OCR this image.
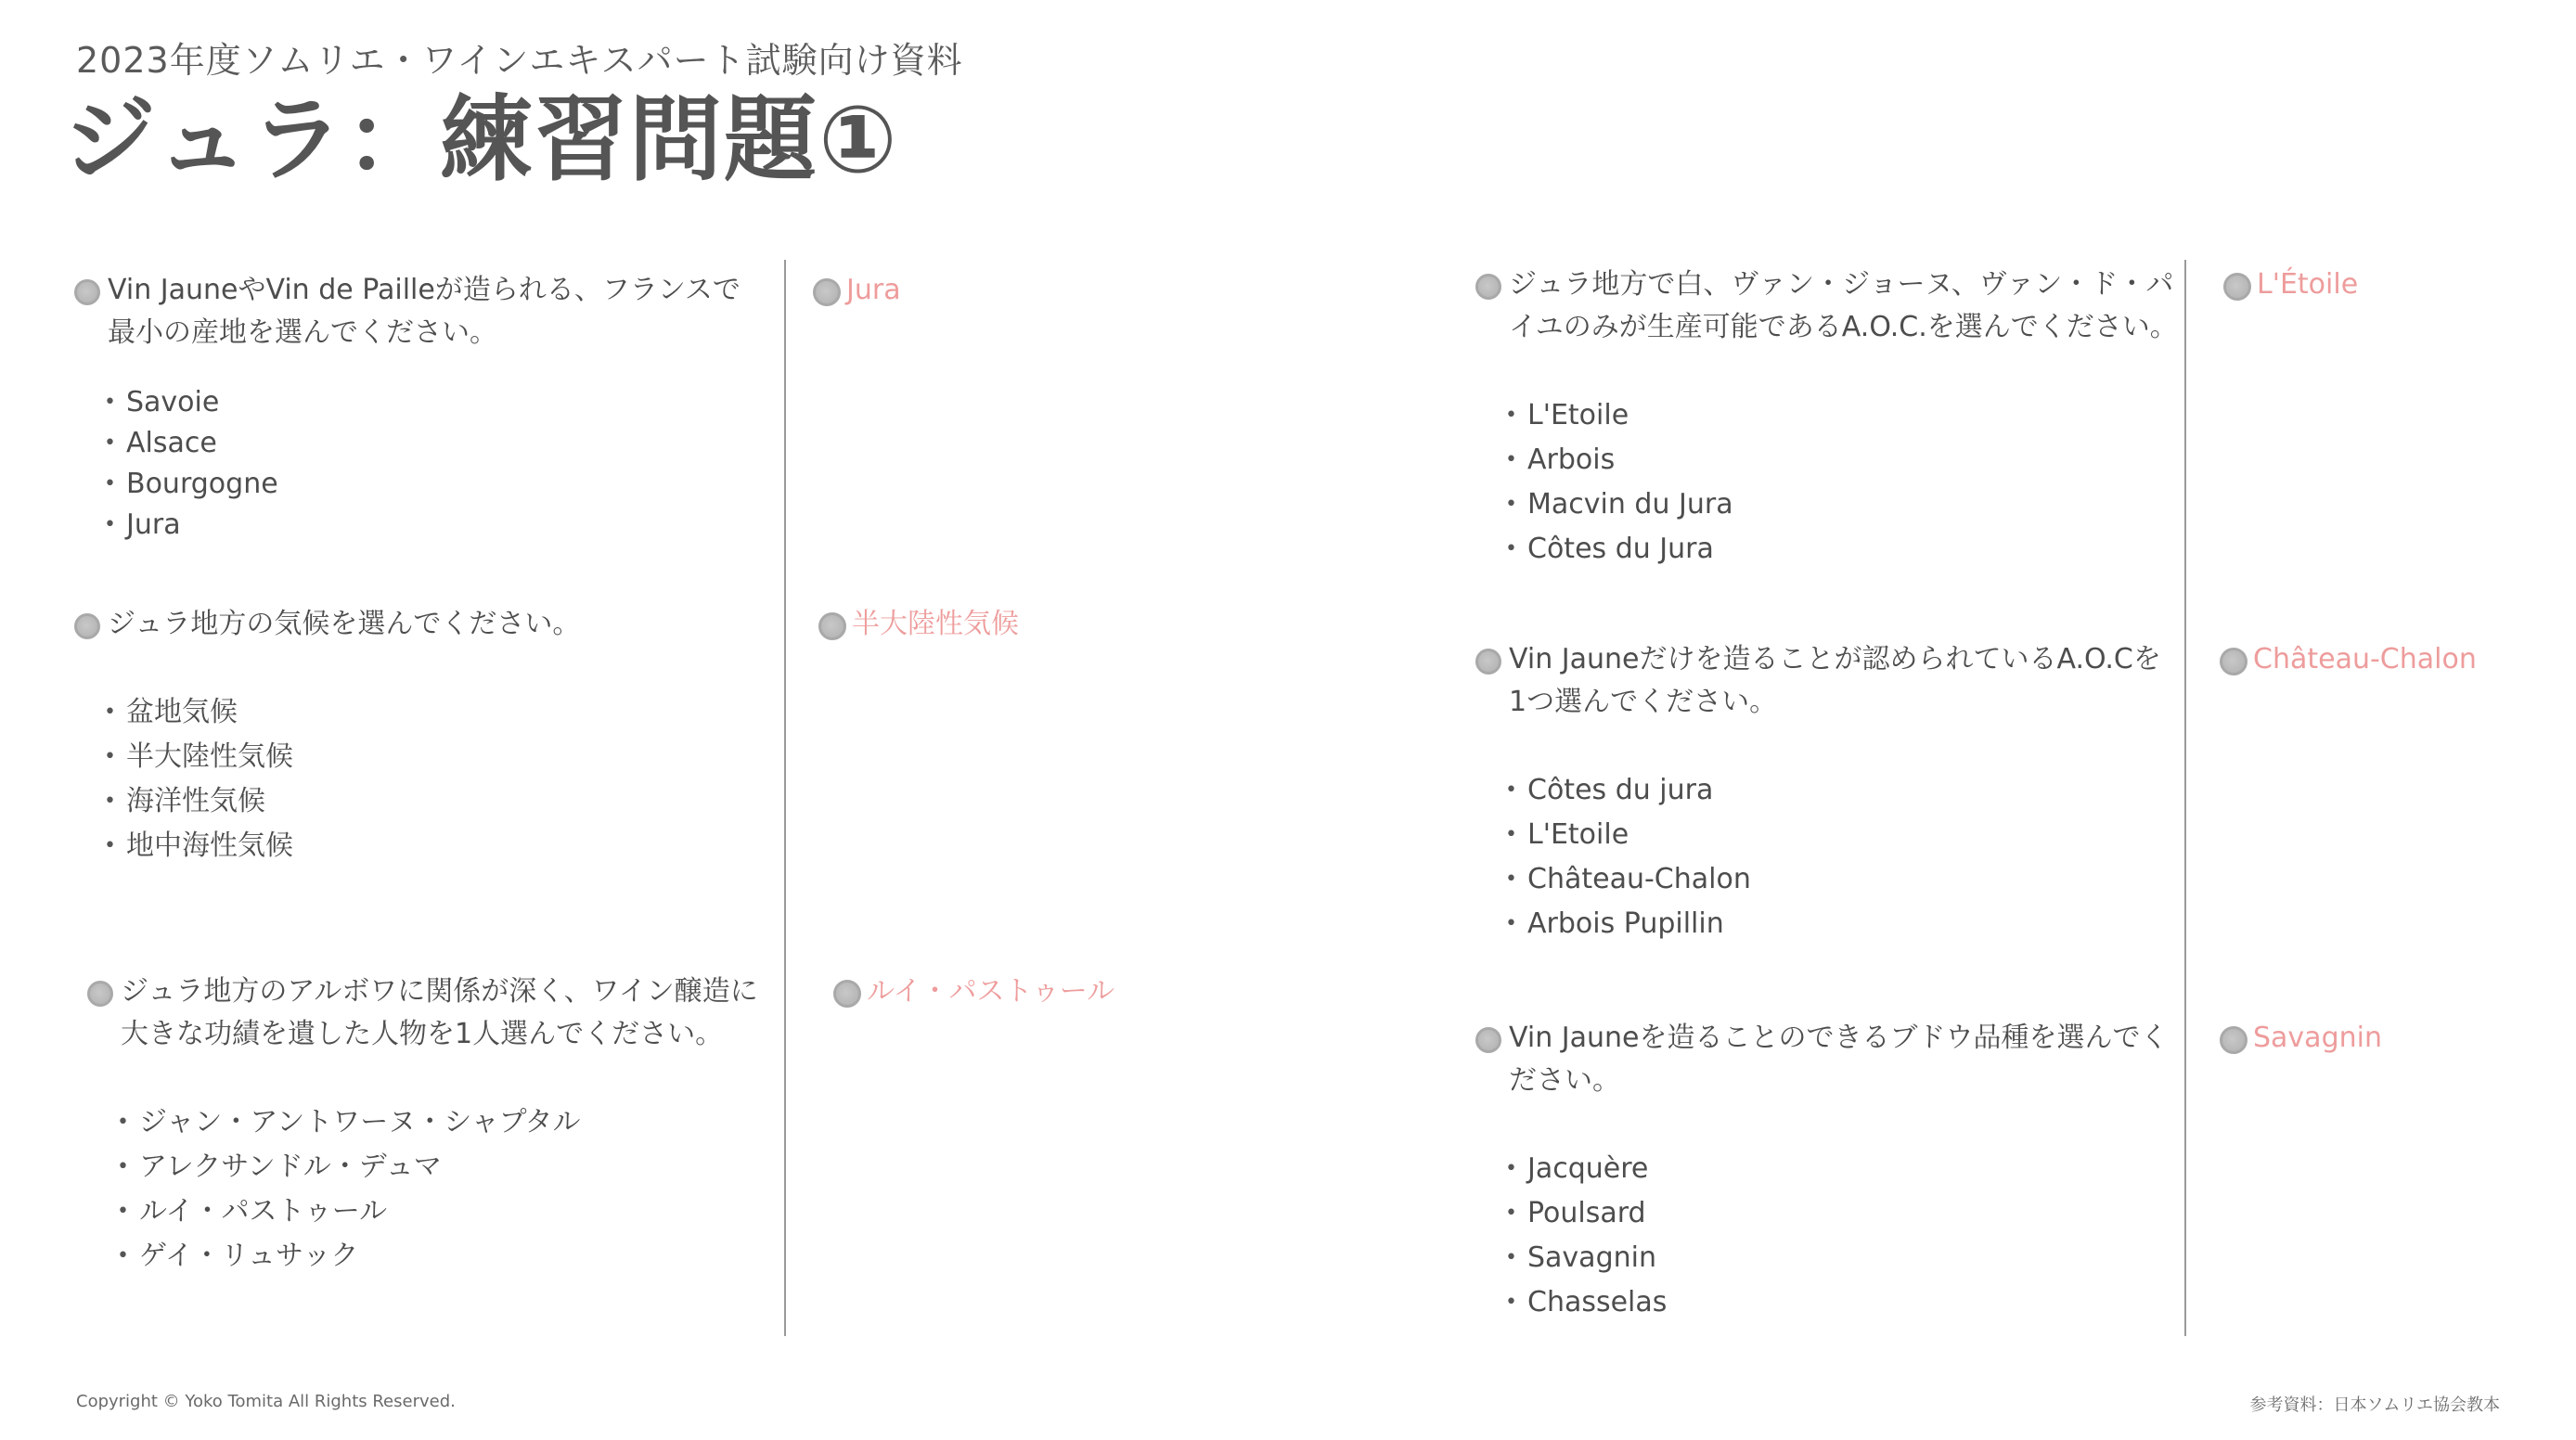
2023年度ソムリエ・ワインエキスパート試験向け資料
ジュラ：練習問題①
Vin JauneやVin de Pailleが造られる、フランスで最小の産地を選んでください。
• Savoie
• Alsace
• Bourgogne
• Jura
Jura
ジュラ地方の気候を選んでください。
• 盆地気候
• 半大陸性気候
• 海洋性気候
• 地中海性気候
半大陸性気候
ジュラ地方のアルボワに関係が深く、ワイン醸造に大きな功績を遺した人物を1人選んでください。
• ジャン・アントワーヌ・シャプタル
• アレクサンドル・デュマ
• ルイ・パストゥール
• ゲイ・リュサック
ルイ・パストゥール
ジュラ地方で白、ヴァン・ジョーヌ、ヴァン・ド・パイユのみが生産可能であるA.O.C.を選んでください。
• L'Etoile
• Arbois
• Macvin du Jura
• Côtes du Jura
L'Étoile
Vin Jauneだけを造ることが認められているA.O.Cを1つ選んでください。
• Côtes du jura
• L'Etoile
• Château-Chalon
• Arbois Pupillin
Château-Chalon
Vin Jauneを造ることのできるブドウ品種を選んでください。
• Jacquère
• Poulsard
• Savagnin
• Chasselas
Savagnin
Copyright © Yoko Tomita All Rights Reserved.	参考資料：日本ソムリエ協会教本
